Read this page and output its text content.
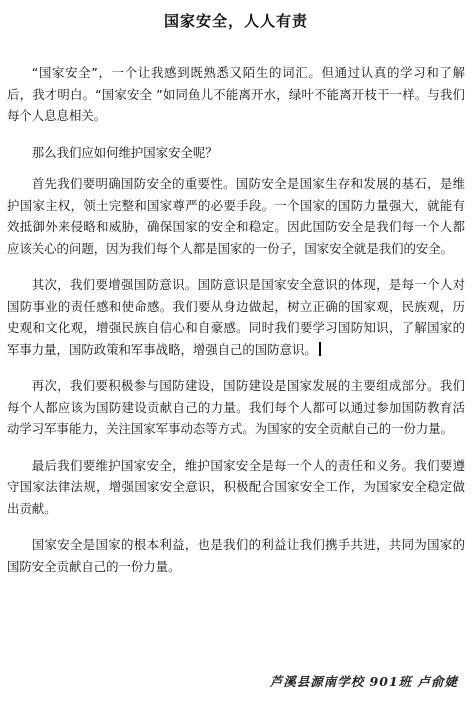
国家安全，人人有责

“国家安全”，一个让我感到既熟悉又陌生的词汇。但通过认真的学习和了解后，我才明白。“国家安全 ”如同鱼儿不能离开水，绿叶不能离开枝干一样。与我们每个人息息相关。

那么我们应如何维护国家安全呢？

首先我们要明确国防安全的重要性。国防安全是国家生存和发展的基石，是维护国家主权，领土完整和国家尊严的必要手段。一个国家的国防力量强大，就能有效抵御外来侵略和威胁，确保国家的安全和稳定。因此国防安全是我们每一个人都应该关心的问题，因为我们每个人都是国家的一份子，国家安全就是我们的安全。

其次，我们要增强国防意识。国防意识是国家安全意识的体现，是每一个人对国防事业的责任感和使命感。我们要从身边做起，树立正确的国家观，民族观，历史观和文化观，增强民族自信心和自豪感。同时我们要学习国防知识，了解国家的军事力量，国防政策和军事战略，增强自己的国防意识。

再次，我们要积极参与国防建设，国防建设是国家发展的主要组成部分。我们每个人都应该为国防建设贡献自己的力量。我们每个人都可以通过参加国防教育活动学习军事能力，关注国家军事动态等方式。为国家的安全贡献自己的一份力量。

最后我们要维护国家安全，维护国家安全是每一个人的责任和义务。我们要遵守国家法律法规，增强国家安全意识，积极配合国家安全工作，为国家安全稳定做出贡献。

国家安全是国家的根本利益，也是我们的利益让我们携手共进，共同为国家的国防安全贡献自己的一份力量。

芦溪县源南学校 901班 卢俞婕
